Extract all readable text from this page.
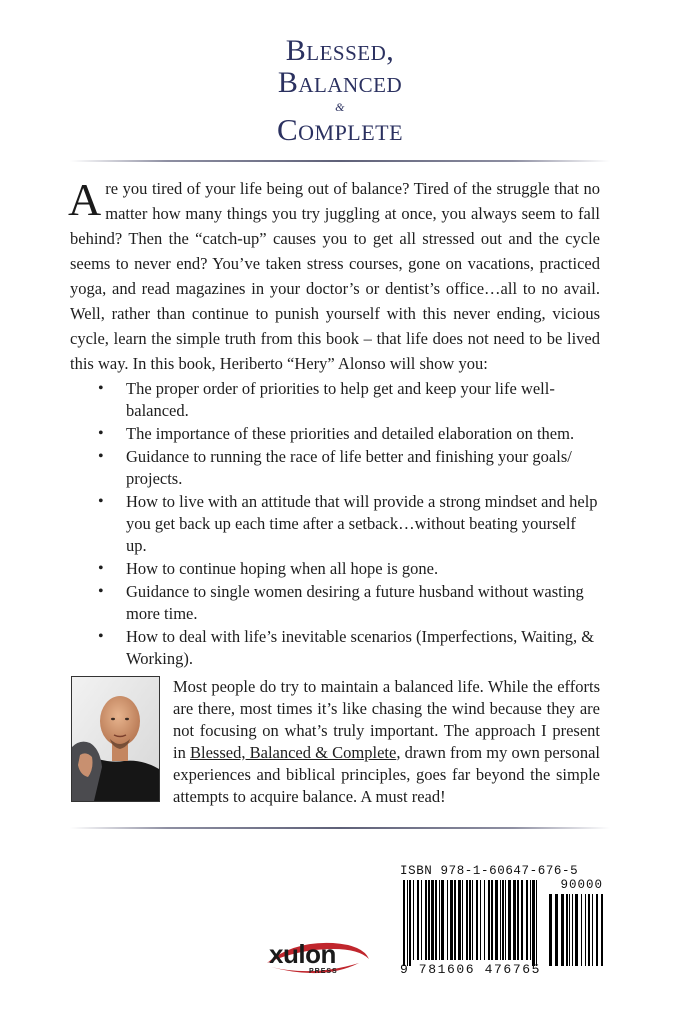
Blessed,
Balanced
&
Complete

Are you tired of your life being out of balance? Tired of the struggle that no matter how many things you try juggling at once, you always seem to fall behind? Then the “catch-up” causes you to get all stressed out and the cycle seems to never end? You’ve taken stress courses, gone on vacations, practiced yoga, and read magazines in your doctor’s or dentist’s office…all to no avail. Well, rather than continue to punish yourself with this never ending, vicious cycle, learn the simple truth from this book – that life does not need to be lived this way. In this book, Heriberto “Hery” Alonso will show you:

• The proper order of priorities to help get and keep your life well-balanced.
• The importance of these priorities and detailed elaboration on them.
• Guidance to running the race of life better and finishing your goals/ projects.
• How to live with an attitude that will provide a strong mindset and help you get back up each time after a setback…without beating yourself up.
• How to continue hoping when all hope is gone.
• Guidance to single women desiring a future husband without wasting more time.
• How to deal with life’s inevitable scenarios (Imperfections, Waiting, & Working).

Most people do try to maintain a balanced life. While the efforts are there, most times it’s like chasing the wind because they are not focusing on what’s truly important. The approach I present in Blessed, Balanced & Complete, drawn from my own personal experiences and biblical principles, goes far beyond the simple attempts to acquire balance. A must read!

ISBN 978-1-60647-676-5
90000
9 781606 476765
xulon
PRESS
